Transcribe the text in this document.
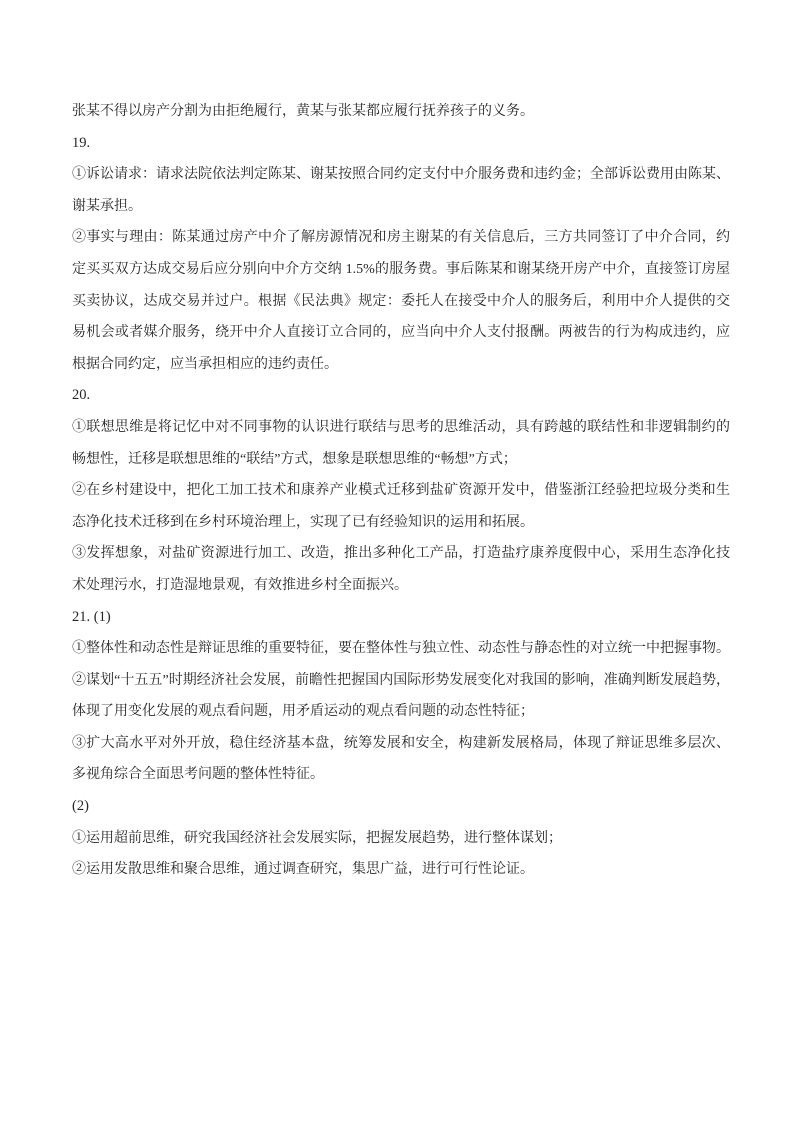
张某不得以房产分割为由拒绝履行，黄某与张某都应履行抚养孩子的义务。
19.
①诉讼请求：请求法院依法判定陈某、谢某按照合同约定支付中介服务费和违约金；全部诉讼费用由陈某、
谢某承担。
②事实与理由：陈某通过房产中介了解房源情况和房主谢某的有关信息后，三方共同签订了中介合同，约
定买买双方达成交易后应分别向中介方交纳 1.5%的服务费。事后陈某和谢某绕开房产中介，直接签订房屋
买卖协议，达成交易并过户。根据《民法典》规定：委托人在接受中介人的服务后，利用中介人提供的交
易机会或者媒介服务，绕开中介人直接订立合同的，应当向中介人支付报酬。两被告的行为构成违约，应
根据合同约定，应当承担相应的违约责任。
20.
①联想思维是将记忆中对不同事物的认识进行联结与思考的思维活动，具有跨越的联结性和非逻辑制约的
畅想性，迁移是联想思维的“联结”方式，想象是联想思维的“畅想”方式；
②在乡村建设中，把化工加工技术和康养产业模式迁移到盐矿资源开发中，借鉴浙江经验把垃圾分类和生
态净化技术迁移到在乡村环境治理上，实现了已有经验知识的运用和拓展。
③发挥想象，对盐矿资源进行加工、改造，推出多种化工产品，打造盐疗康养度假中心，采用生态净化技
术处理污水，打造湿地景观，有效推进乡村全面振兴。
21. (1)
①整体性和动态性是辩证思维的重要特征，要在整体性与独立性、动态性与静态性的对立统一中把握事物。
②谋划“十五五”时期经济社会发展，前瞻性把握国内国际形势发展变化对我国的影响，准确判断发展趋势，
体现了用变化发展的观点看问题，用矛盾运动的观点看问题的动态性特征；
③扩大高水平对外开放，稳住经济基本盘，统筹发展和安全，构建新发展格局，体现了辩证思维多层次、
多视角综合全面思考问题的整体性特征。
(2)
①运用超前思维，研究我国经济社会发展实际，把握发展趋势，进行整体谋划；
②运用发散思维和聚合思维，通过调查研究，集思广益，进行可行性论证。
